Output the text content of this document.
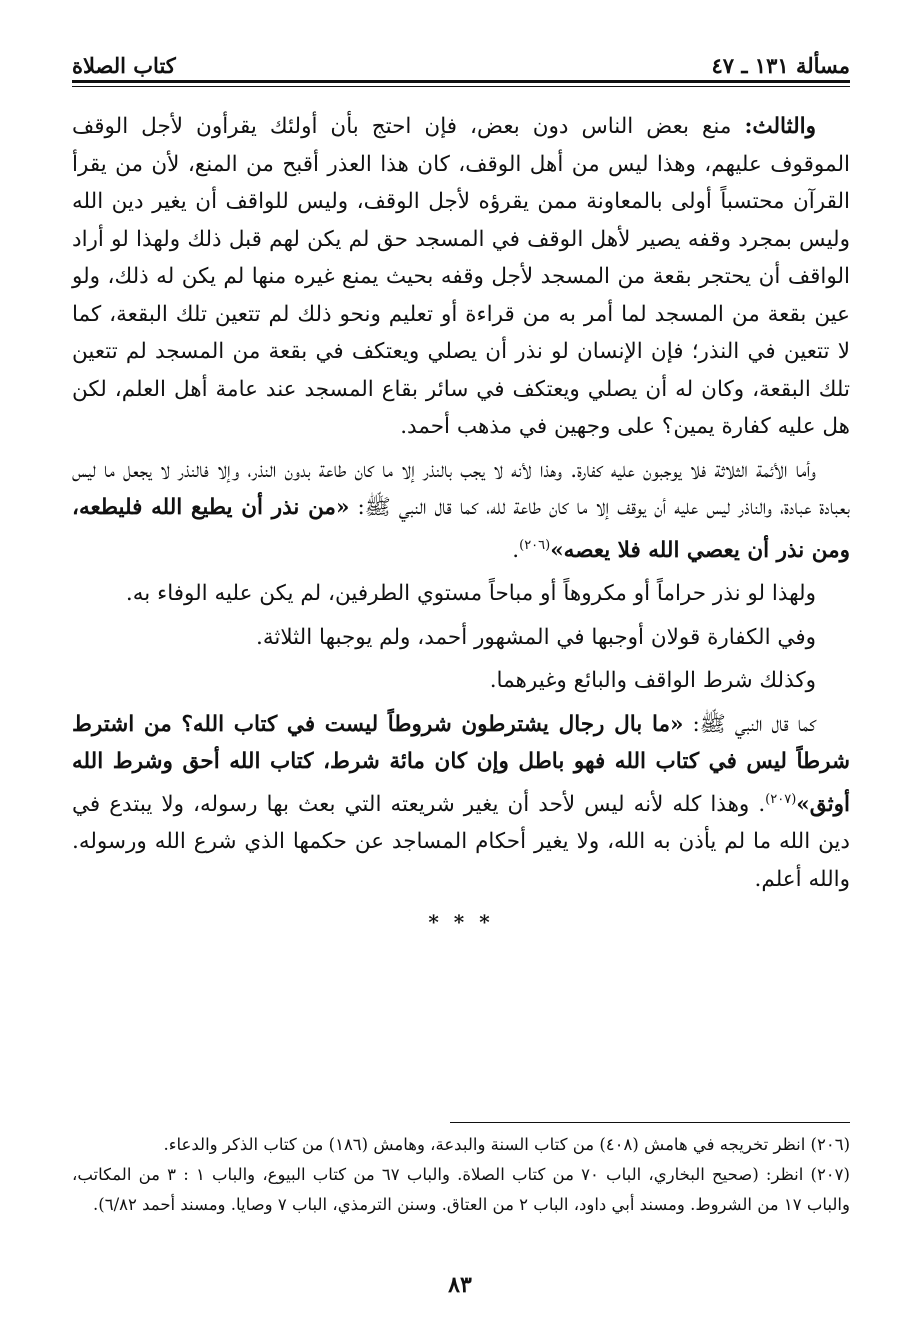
مسألة ١٣١ ـ ٤٧
كتاب الصلاة

والثالث: منع بعض الناس دون بعض، فإن احتج بأن أولئك يقرأون لأجل الوقف الموقوف عليهم، وهذا ليس من أهل الوقف، كان هذا العذر أقبح من المنع، لأن من يقرأ القرآن محتسباً أولى بالمعاونة ممن يقرؤه لأجل الوقف، وليس للواقف أن يغير دين الله وليس بمجرد وقفه يصير لأهل الوقف في المسجد حق لم يكن لهم قبل ذلك ولهذا لو أراد الواقف أن يحتجر بقعة من المسجد لأجل وقفه بحيث يمنع غيره منها لم يكن له ذلك، ولو عين بقعة من المسجد لما أمر به من قراءة أو تعليم ونحو ذلك لم تتعين تلك البقعة، كما لا تتعين في النذر؛ فإن الإنسان لو نذر أن يصلي ويعتكف في بقعة من المسجد لم تتعين تلك البقعة، وكان له أن يصلي ويعتكف في سائر بقاع المسجد عند عامة أهل العلم، لكن هل عليه كفارة يمين؟ على وجهين في مذهب أحمد.

وأما الأئمة الثلاثة فلا يوجبون عليه كفارة. وهذا لأنه لا يجب بالنذر إلا ما كان طاعة بدون النذر، وإلا فالنذر لا يجعل ما ليس بعبادة عبادة، والناذر ليس عليه أن يوقف إلا ما كان طاعة لله، كما قال النبي ﷺ: «من نذر أن يطيع الله فليطعه، ومن نذر أن يعصي الله فلا يعصه»$^{(٢٠٦)}$.

ولهذا لو نذر حراماً أو مكروهاً أو مباحاً مستوي الطرفين، لم يكن عليه الوفاء به.

وفي الكفارة قولان أوجبها في المشهور أحمد، ولم يوجبها الثلاثة.

وكذلك شرط الواقف والبائع وغيرهما.

كما قال النبي ﷺ: «ما بال رجال يشترطون شروطاً ليست في كتاب الله؟ من اشترط شرطاً ليس في كتاب الله فهو باطل وإن كان مائة شرط، كتاب الله أحق وشرط الله أوثق»$^{(٢٠٧)}$. وهذا كله لأنه ليس لأحد أن يغير شريعته التي بعث بها رسوله، ولا يبتدع في دين الله ما لم يأذن به الله، ولا يغير أحكام المساجد عن حكمها الذي شرع الله ورسوله. والله أعلم.

* * *

(٢٠٦) انظر تخريجه في هامش (٤٠٨) من كتاب السنة والبدعة، وهامش (١٨٦) من كتاب الذكر والدعاء.

(٢٠٧) انظر: (صحيح البخاري، الباب ٧٠ من كتاب الصلاة. والباب ٦٧ من كتاب البيوع، والباب ١ : ٣ من المكاتب، والباب ١٧ من الشروط. ومسند أبي داود، الباب ٢ من العتاق. وسنن الترمذي، الباب ٧ وصايا. ومسند أحمد ٦/٨٢).

٨٣
